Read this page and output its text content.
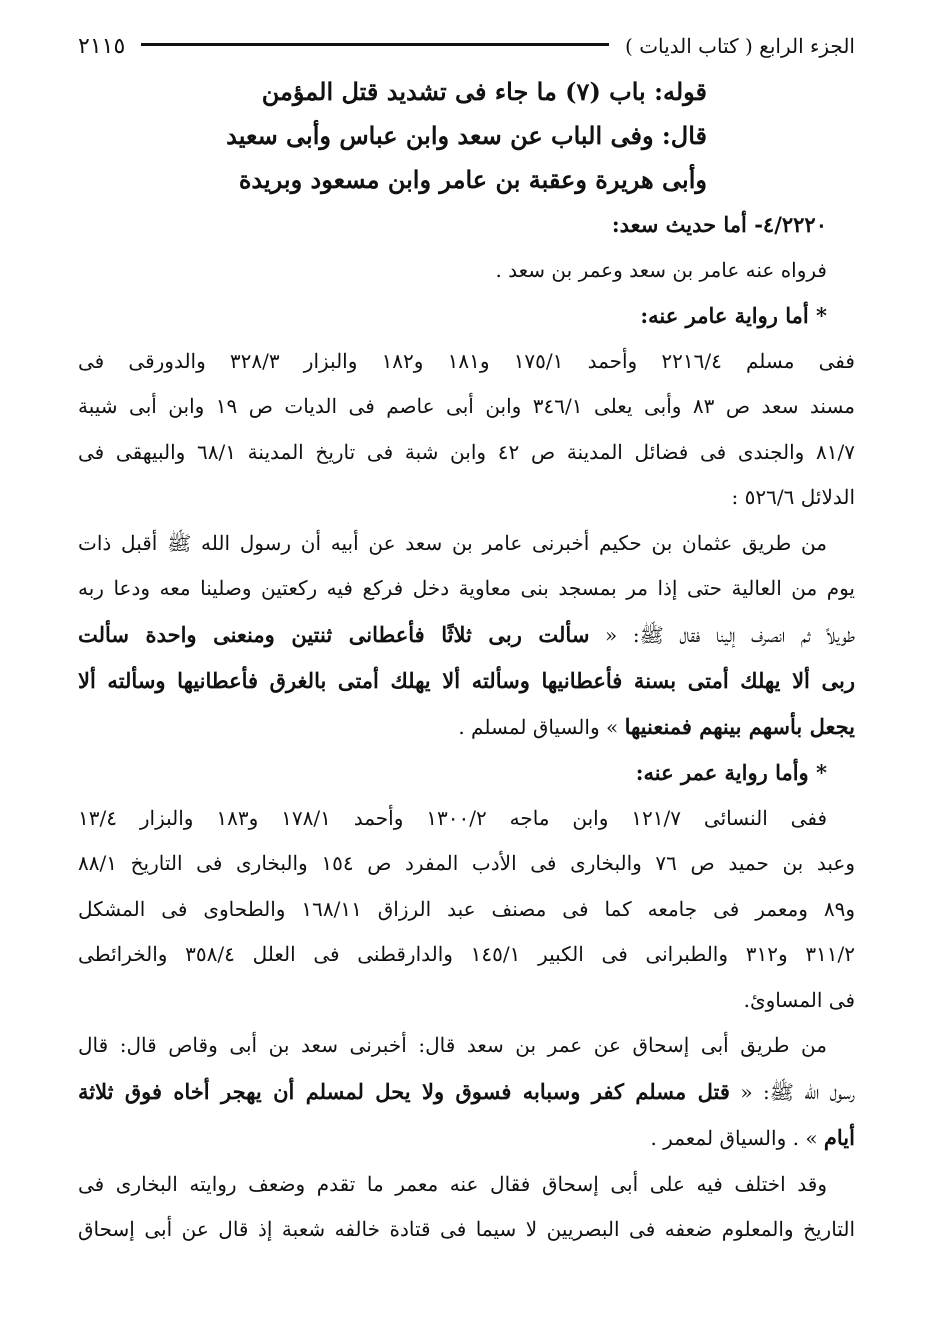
الجزء الرابع ( كتاب الديات )
٢١١٥
قوله: باب (٧) ما جاء فى تشديد قتل المؤمن
قال: وفى الباب عن سعد وابن عباس وأبى سعيد
وأبى هريرة وعقبة بن عامر وابن مسعود وبريدة
٤/٢٢٢٠- أما حديث سعد:
فرواه عنه عامر بن سعد وعمر بن سعد .
* أما رواية عامر عنه:
ففى مسلم ٢٢١٦/٤ وأحمد ١٧٥/١ و١٨١ و١٨٢ والبزار ٣٢٨/٣ والدورقى فى
مسند سعد ص ٨٣ وأبى يعلى ٣٤٦/١ وابن أبى عاصم فى الديات ص ١٩ وابن أبى شيبة
٨١/٧ والجندى فى فضائل المدينة ص ٤٢ وابن شبة فى تاريخ المدينة ٦٨/١ والبيهقى فى
الدلائل ٥٢٦/٦ :
من طريق عثمان بن حكيم أخبرنى عامر بن سعد عن أبيه أن رسول الله ﷺ أقبل ذات
يوم من العالية حتى إذا مر بمسجد بنى معاوية دخل فركع فيه ركعتين وصلينا معه ودعا ربه
طويلاً ثم انصرف إلينا فقال ﷺ: « سألت ربى ثلاثًا فأعطانى ثنتين ومنعنى واحدة سألت
ربى ألا يهلك أمتى بسنة فأعطانيها وسألته ألا يهلك أمتى بالغرق فأعطانيها وسألته ألا
يجعل بأسهم بينهم فمنعنيها » والسياق لمسلم .
* وأما رواية عمر عنه:
ففى النسائى ١٢١/٧ وابن ماجه ١٣٠٠/٢ وأحمد ١٧٨/١ و١٨٣ والبزار ١٣/٤
وعبد بن حميد ص ٧٦ والبخارى فى الأدب المفرد ص ١٥٤ والبخارى فى التاريخ ٨٨/١
و٨٩ ومعمر فى جامعه كما فى مصنف عبد الرزاق ١٦٨/١١ والطحاوى فى المشكل
٣١١/٢ و٣١٢ والطبرانى فى الكبير ١٤٥/١ والدارقطنى فى العلل ٣٥٨/٤ والخرائطى
فى المساوئ.
من طريق أبى إسحاق عن عمر بن سعد قال: أخبرنى سعد بن أبى وقاص قال: قال
رسول الله ﷺ: « قتل مسلم كفر وسبابه فسوق ولا يحل لمسلم أن يهجر أخاه فوق ثلاثة
أيام » . والسياق لمعمر .
وقد اختلف فيه على أبى إسحاق فقال عنه معمر ما تقدم وضعف روايته البخارى فى
التاريخ والمعلوم ضعفه فى البصريين لا سيما فى قتادة خالفه شعبة إذ قال عن أبى إسحاق
